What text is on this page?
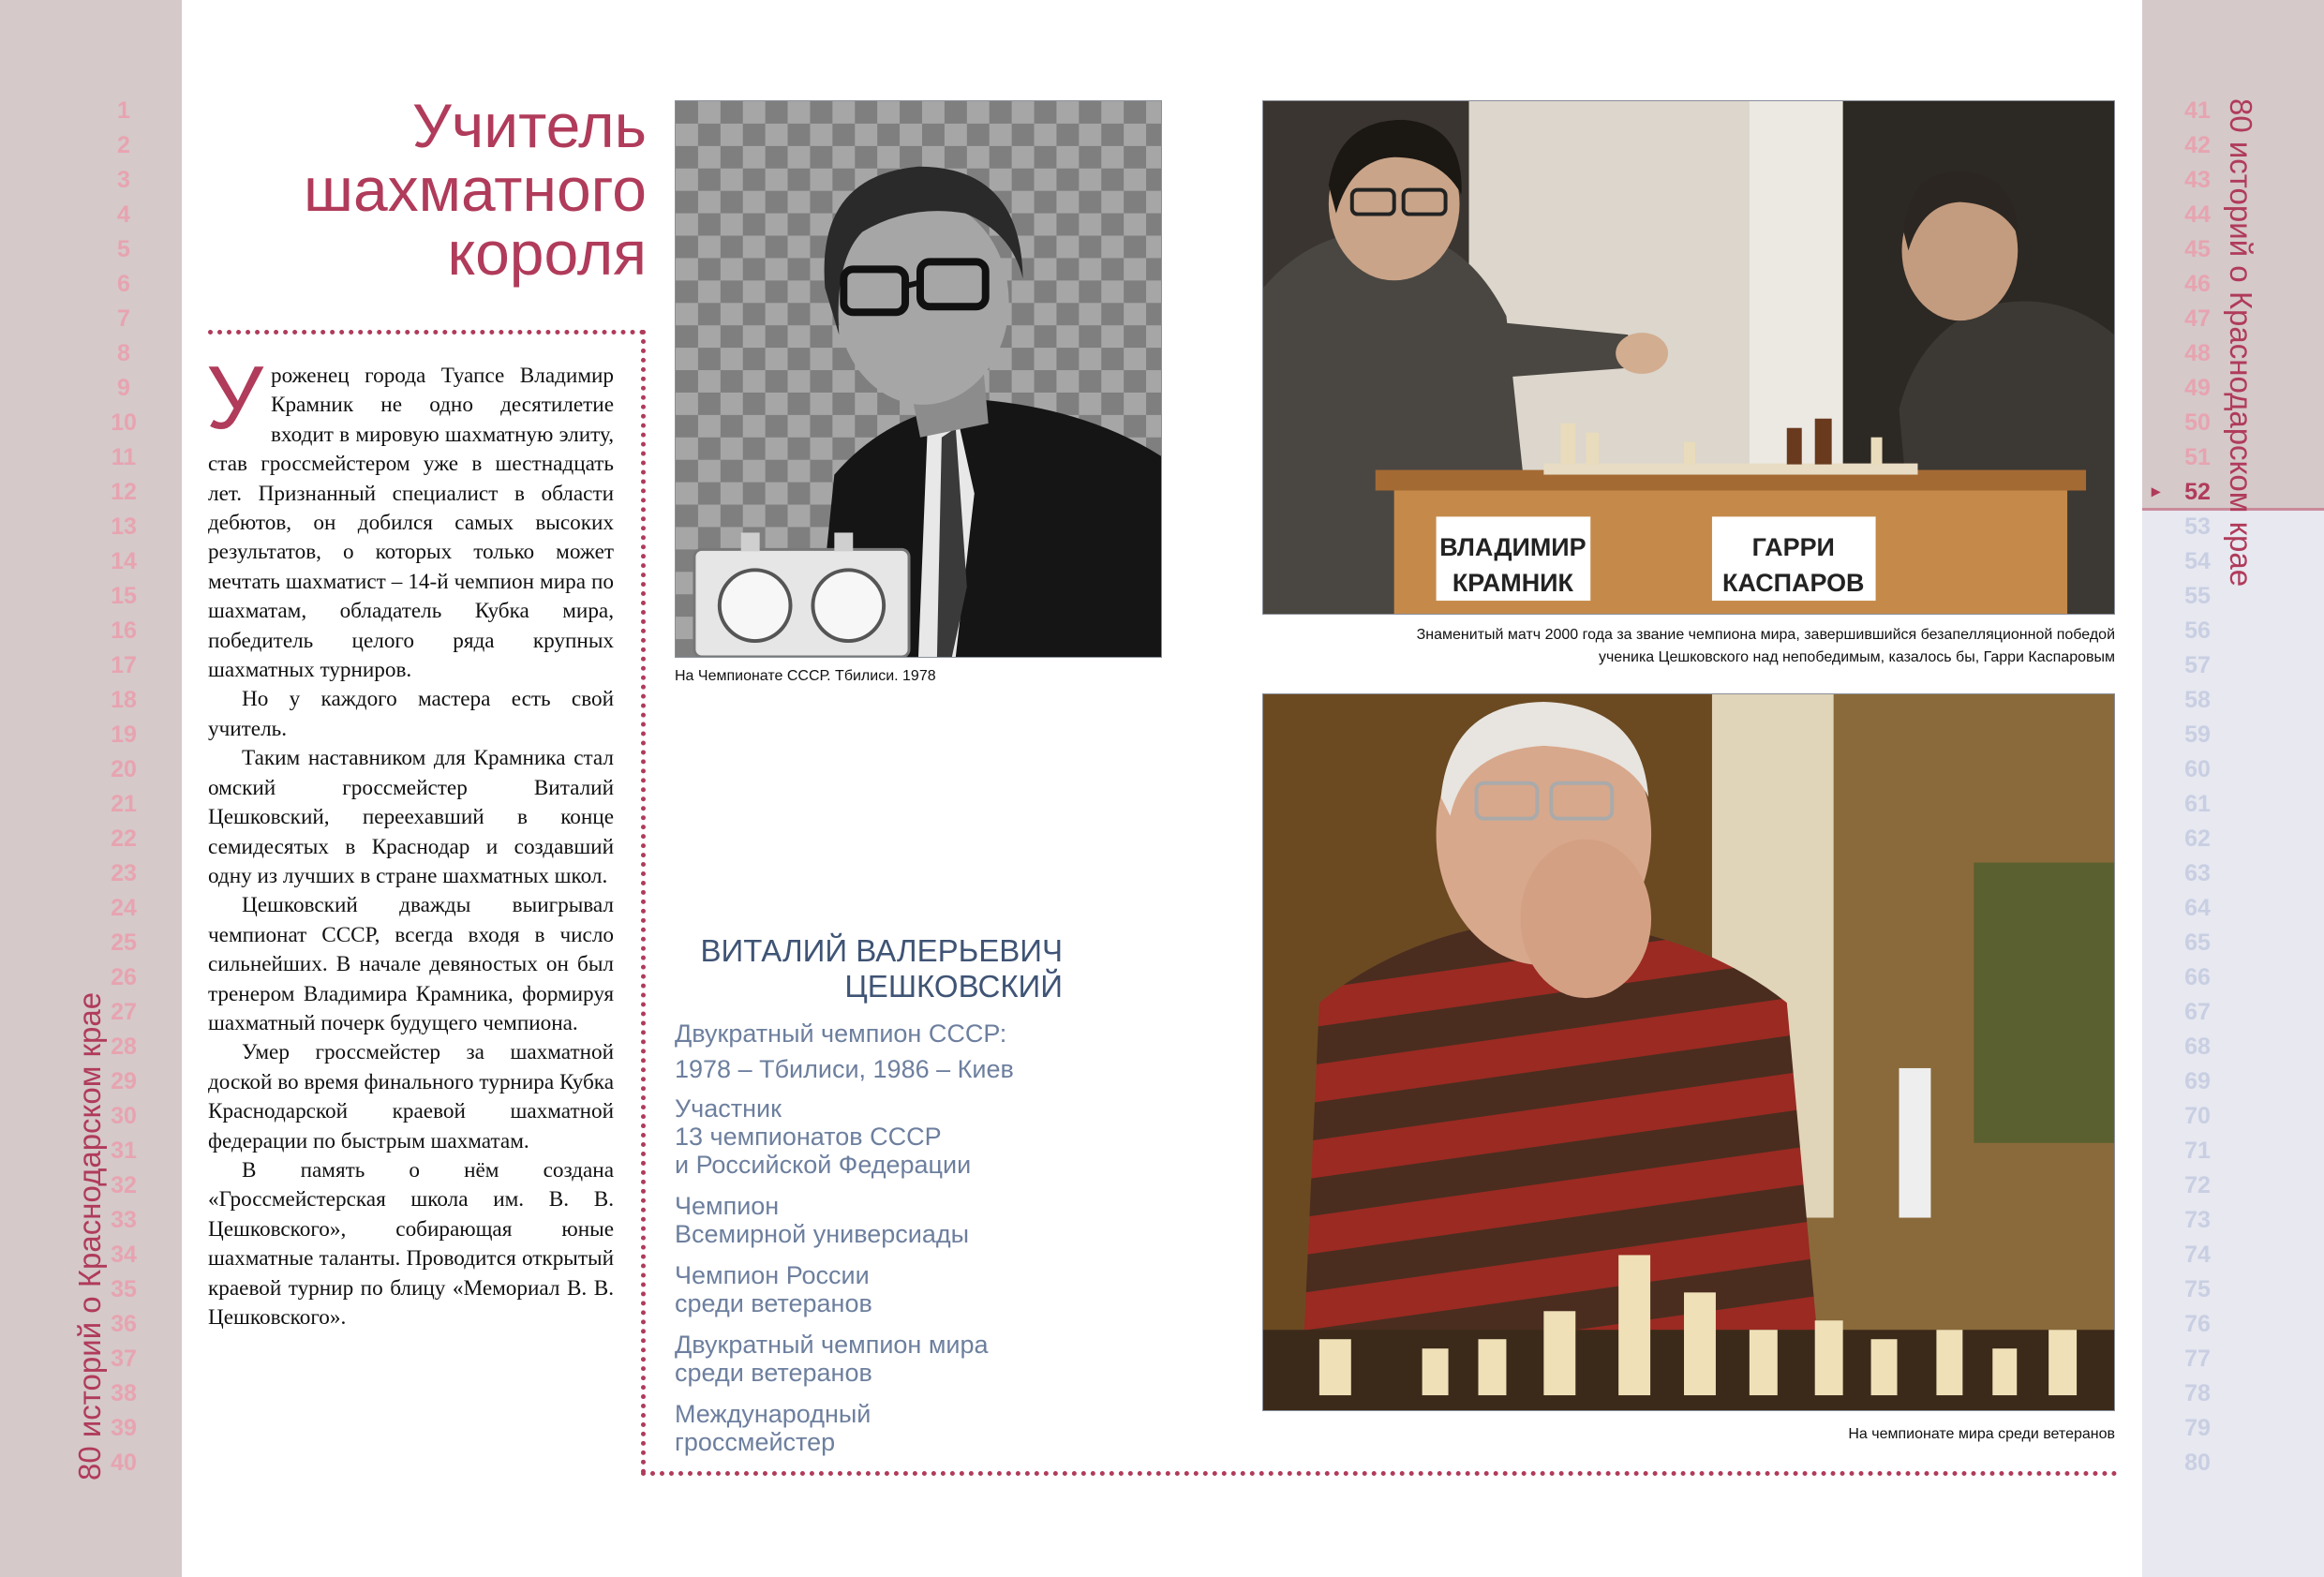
1
2
3
4
5
6
7
8
9
10
11
12
13
14
15
16
17
18
19
20
21
22
23
24
25
26
27
28
29
30
31
32
33
34
35
36
37
38
39
40
41
42
43
44
45
46
47
48
49
50
51
52
▸
53
54
55
56
57
58
59
60
61
62
63
64
65
66
67
68
69
70
71
72
73
74
75
76
77
78
79
80
80 историй о Краснодарском крае
80 историй о Краснодарском крае
Учитель
шахматного
короля

Уроженец города Туапсе Владимир Крамник не одно десятилетие входит в мировую шахматную элиту, став гроссмейстером уже в шестнадцать лет. Признанный специалист в области дебютов, он добился самых высоких результатов, о которых только может мечтать шахматист – 14-й чемпион мира по шахматам, обладатель Кубка мира, победитель целого ряда крупных шахматных турниров.

Но у каждого мастера есть свой учитель.

Таким наставником для Крамника стал омский гроссмейстер Виталий Цешковский, переехавший в конце семидесятых в Краснодар и создавший одну из лучших в стране шахматных школ.

Цешковский дважды выигрывал чемпионат СССР, всегда входя в число сильнейших. В начале девяностых он был тренером Владимира Крамника, формируя шахматный почерк будущего чемпиона.

Умер гроссмейстер за шахматной доской во время финального турнира Кубка Краснодарской краевой шахматной федерации по быстрым шахматам.

В память о нём создана «Гроссмейстерская школа им. В. В. Цешковского», собирающая юные шахматные таланты. Проводится открытый краевой турнир по блицу «Мемориал В. В. Цешковского».

На Чемпионате СССР. Тбилиси. 1978
ВЛАДИМИР
КРАМНИК
ГАРРИ
КАСПАРОВ
Знаменитый матч 2000 года за звание чемпиона мира, завершившийся безапелляционной победой
ученика Цешковского над непобедимым, казалось бы, Гарри Каспаровым
На чемпионате мира среди ветеранов
ВИТАЛИЙ ВАЛЕРЬЕВИЧ
ЦЕШКОВСКИЙ
Двукратный чемпион СССР:
1978 – Тбилиси, 1986 – Киев
Участник
13 чемпионатов СССР
и Российской Федерации
Чемпион
Всемирной универсиады
Чемпион России
среди ветеранов
Двукратный чемпион мира
среди ветеранов
Международный
гроссмейстер
